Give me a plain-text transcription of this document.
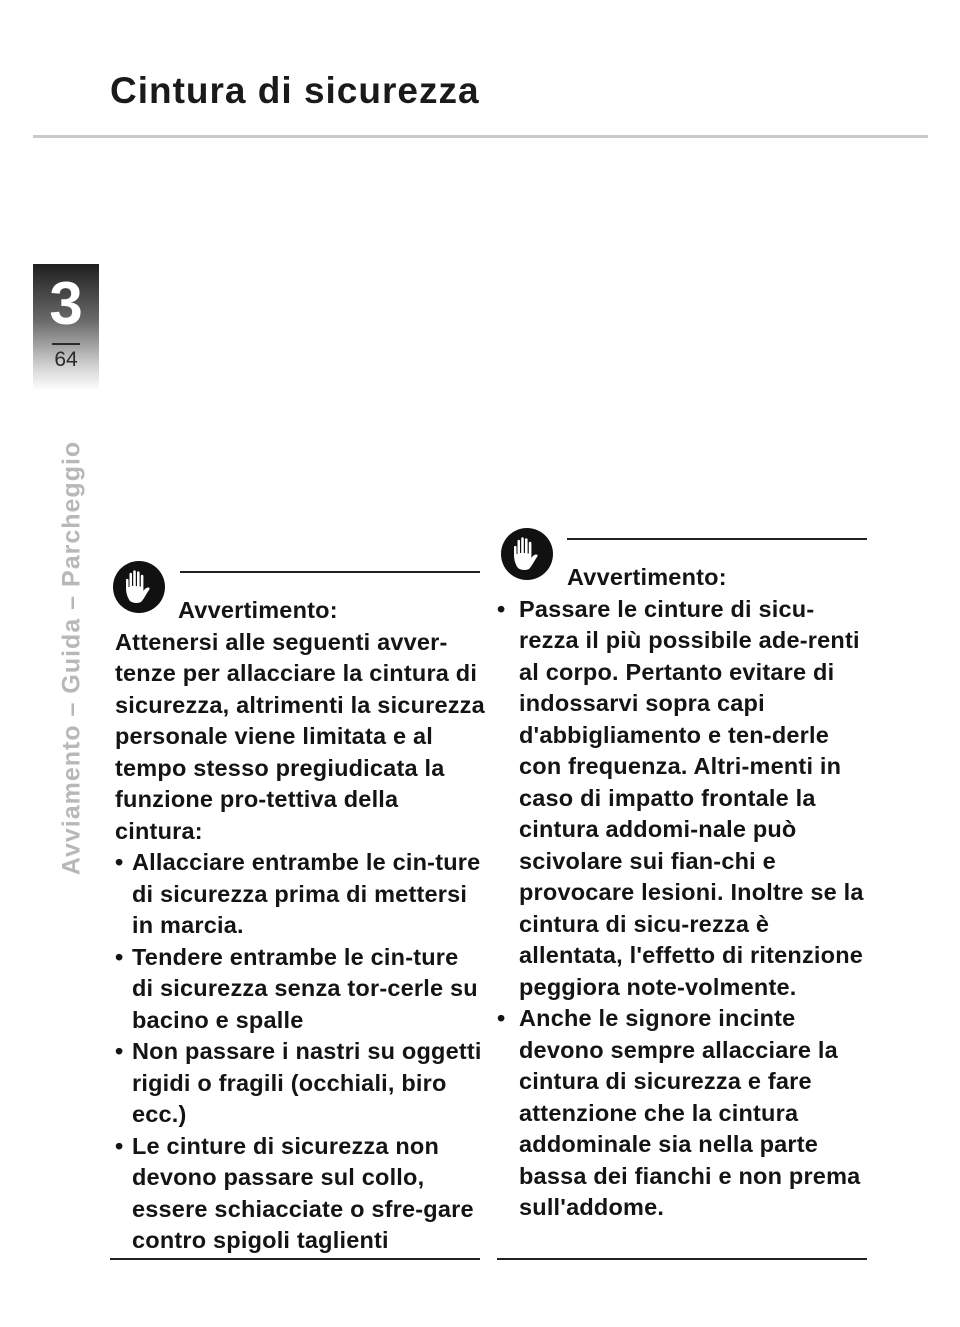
Cintura di sicurezza
3
64
Avviamento – Guida – Parcheggio	Avvertimento:

Attenersi alle seguenti avver-tenze per allacciare la cintura di sicurezza, altrimenti la sicurezza personale viene limitata e al tempo stesso pregiudicata la funzione pro-tettiva della cintura:

• Allacciare entrambe le cin-ture di sicurezza prima di mettersi in marcia.
• Tendere entrambe le cin-ture di sicurezza senza tor-cerle su bacino e spalle
• Non passare i nastri su oggetti rigidi o fragili (occhiali, biro ecc.)
• Le cinture di sicurezza non devono passare sul collo, essere schiacciate o sfre-gare contro spigoli taglienti
Avvertimento:
• Passare le cinture di sicu-rezza il più possibile ade-renti al corpo. Pertanto evitare di indossarvi sopra capi d'abbigliamento e ten-derle con frequenza. Altri-menti in caso di impatto frontale la cintura addomi-nale può scivolare sui fian-chi e provocare lesioni. Inoltre se la cintura di sicu-rezza è allentata, l'effetto di ritenzione peggiora note-volmente.
• Anche le signore incinte devono sempre allacciare la cintura di sicurezza e fare attenzione che la cintura addominale sia nella parte bassa dei fianchi e non prema sull'addome.
